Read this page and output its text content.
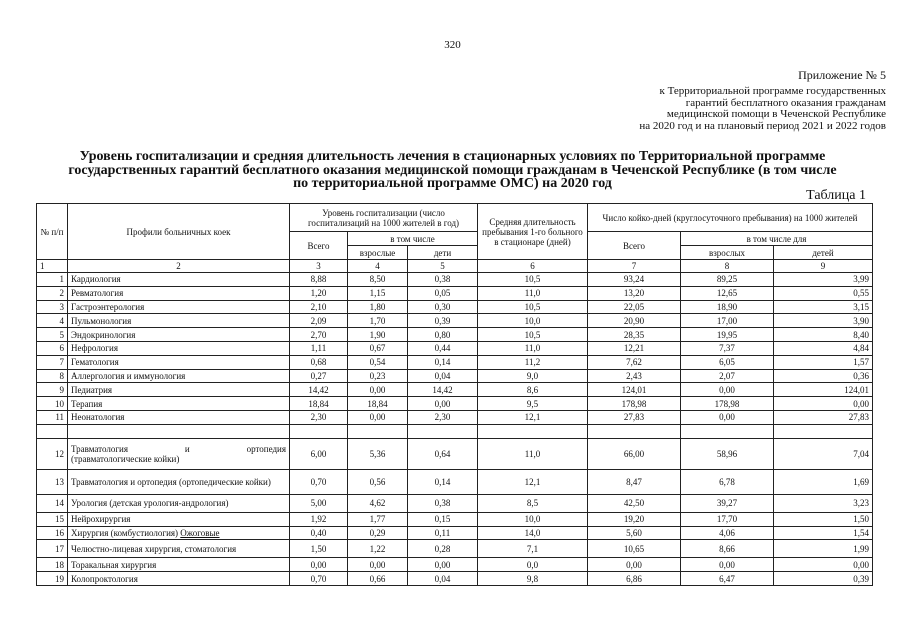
320
Приложение № 5
к Территориальной программе государственных
гарантий бесплатного оказания гражданам
медицинской помощи в Чеченской Республике
на 2020 год и на плановый период 2021 и 2022 годов
Уровень госпитализации и средняя длительность лечения в стационарных условиях по Территориальной программе
государственных гарантий бесплатного оказания медицинской помощи гражданам в Чеченской Республике (в том числе
по территориальной программе ОМС) на 2020 год
Таблица 1
№ п/п	Профили больничных коек	Уровень госпитализации (число госпитализаций на 1000 жителей в год)			Средняя длительность пребывания 1-го больного в стационаре (дней)	Число койко-дней (круглосуточного пребывания) на 1000 жителей		
		Всего	в том числе			Всего	в том числе для	
			взрослые	дети			взрослых	детей
1	2	3	4	5	6	7	8	9
1	Кардиология	8,88	8,50	0,38	10,5	93,24	89,25	3,99
2	Ревматология	1,20	1,15	0,05	11,0	13,20	12,65	0,55
3	Гастроэнтерология	2,10	1,80	0,30	10,5	22,05	18,90	3,15
4	Пульмонология	2,09	1,70	0,39	10,0	20,90	17,00	3,90
5	Эндокринология	2,70	1,90	0,80	10,5	28,35	19,95	8,40
6	Нефрология	1,11	0,67	0,44	11,0	12,21	7,37	4,84
7	Гематология	0,68	0,54	0,14	11,2	7,62	6,05	1,57
8	Аллергология и иммунология	0,27	0,23	0,04	9,0	2,43	2,07	0,36
9	Педиатрия	14,42	0,00	14,42	8,6	124,01	0,00	124,01
10	Терапия	18,84	18,84	0,00	9,5	178,98	178,98	0,00
11	Неонатология	2,30	0,00	2,30	12,1	27,83	0,00	27,83

12	Травматология и ортопедия
(травматологические койки)	6,00	5,36	0,64	11,0	66,00	58,96	7,04
13	Травматология и ортопедия (ортопедические койки)	0,70	0,56	0,14	12,1	8,47	6,78	1,69
14	Урология (детская урология-андрология)	5,00	4,62	0,38	8,5	42,50	39,27	3,23
15	Нейрохирургия	1,92	1,77	0,15	10,0	19,20	17,70	1,50
16	Хирургия (комбустиология) Ожоговые	0,40	0,29	0,11	14,0	5,60	4,06	1,54
17	Челюстно-лицевая хирургия, стоматология	1,50	1,22	0,28	7,1	10,65	8,66	1,99
18	Торакальная хирургия	0,00	0,00	0,00	0,0	0,00	0,00	0,00
19	Колопроктология	0,70	0,66	0,04	9,8	6,86	6,47	0,39
